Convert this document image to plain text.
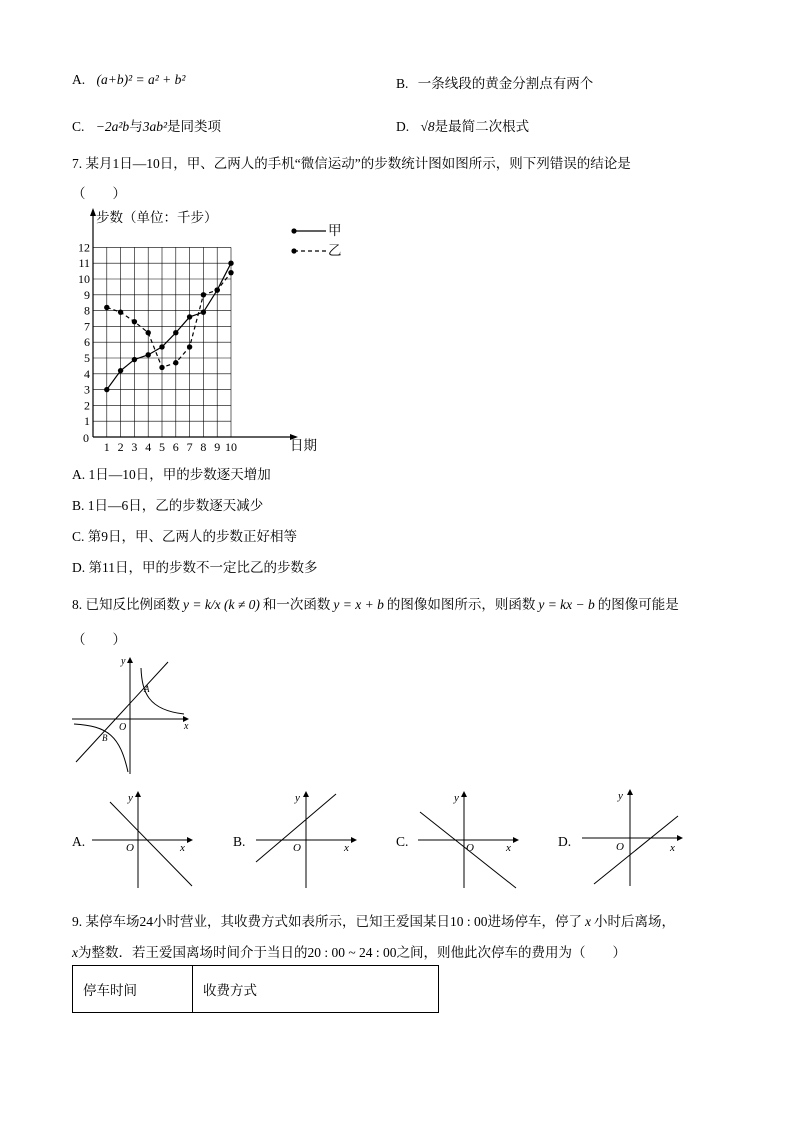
A. (a+b)² = a² + b²	B. 一条线段的黄金分割点有两个
C. −2a²b与3ab²是同类项	D. √8是最简二次根式
7. 某月1日—10日，甲、乙两人的手机“微信运动”的步数统计图如图所示，则下列错误的结论是
（　　）
1 2 3 4 5 6 7 8 9 10
1
2
3
4
5
6
7
8
9
10
11
12
步数（单位：千步）
日期
0
甲
乙
A. 1日—10日，甲的步数逐天增加
B. 1日—6日，乙的步数逐天减少
C. 第9日，甲、乙两人的步数正好相等
D. 第11日，甲的步数不一定比乙的步数多
8. 已知反比例函数 y = k/x (k ≠ 0) 和一次函数 y = x + b 的图像如图所示，则函数 y = kx − b 的图像可能是
（　　）
x
y
O
A
B
A.	x
y
O	B.	x
y
O	C.	x
y
O	D.	x
y
O
9. 某停车场24小时营业，其收费方式如表所示，已知王爱国某日10 : 00进场停车，停了 x 小时后离场，
x为整数．若王爱国离场时间介于当日的20 : 00 ~ 24 : 00之间，则他此次停车的费用为（　　）
停车时间	收费方式
